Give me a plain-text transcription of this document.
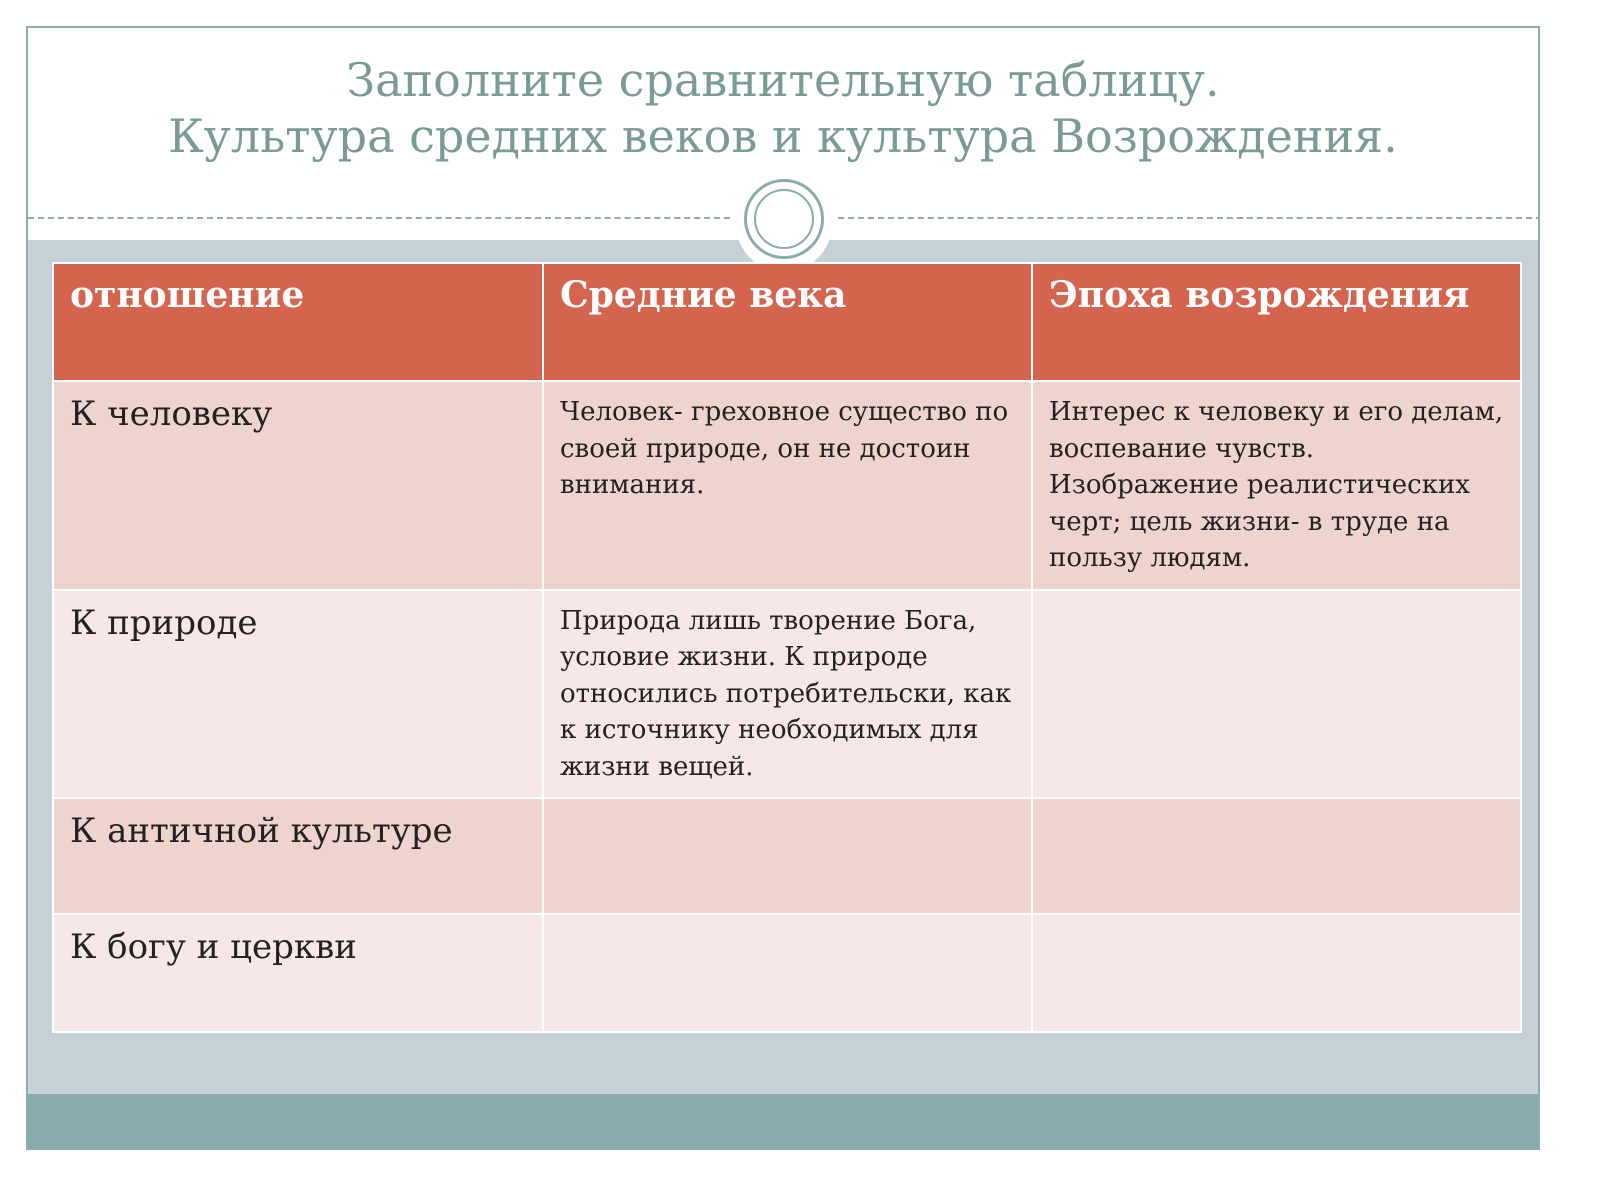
Заполните сравнительную таблицу.
Культура средних веков и культура Возрождения.
отношение	Средние века	Эпоха возрождения
К человеку	Человек- греховное существо по своей природе, он не достоин внимания.	Интерес к человеку и его делам, воспевание чувств. Изображение реалистических черт; цель жизни- в труде на пользу людям.
К природе	Природа лишь творение Бога, условие жизни. К природе относились потребительски, как к источнику необходимых для жизни вещей.	
К античной культуре		
К богу и церкви		
